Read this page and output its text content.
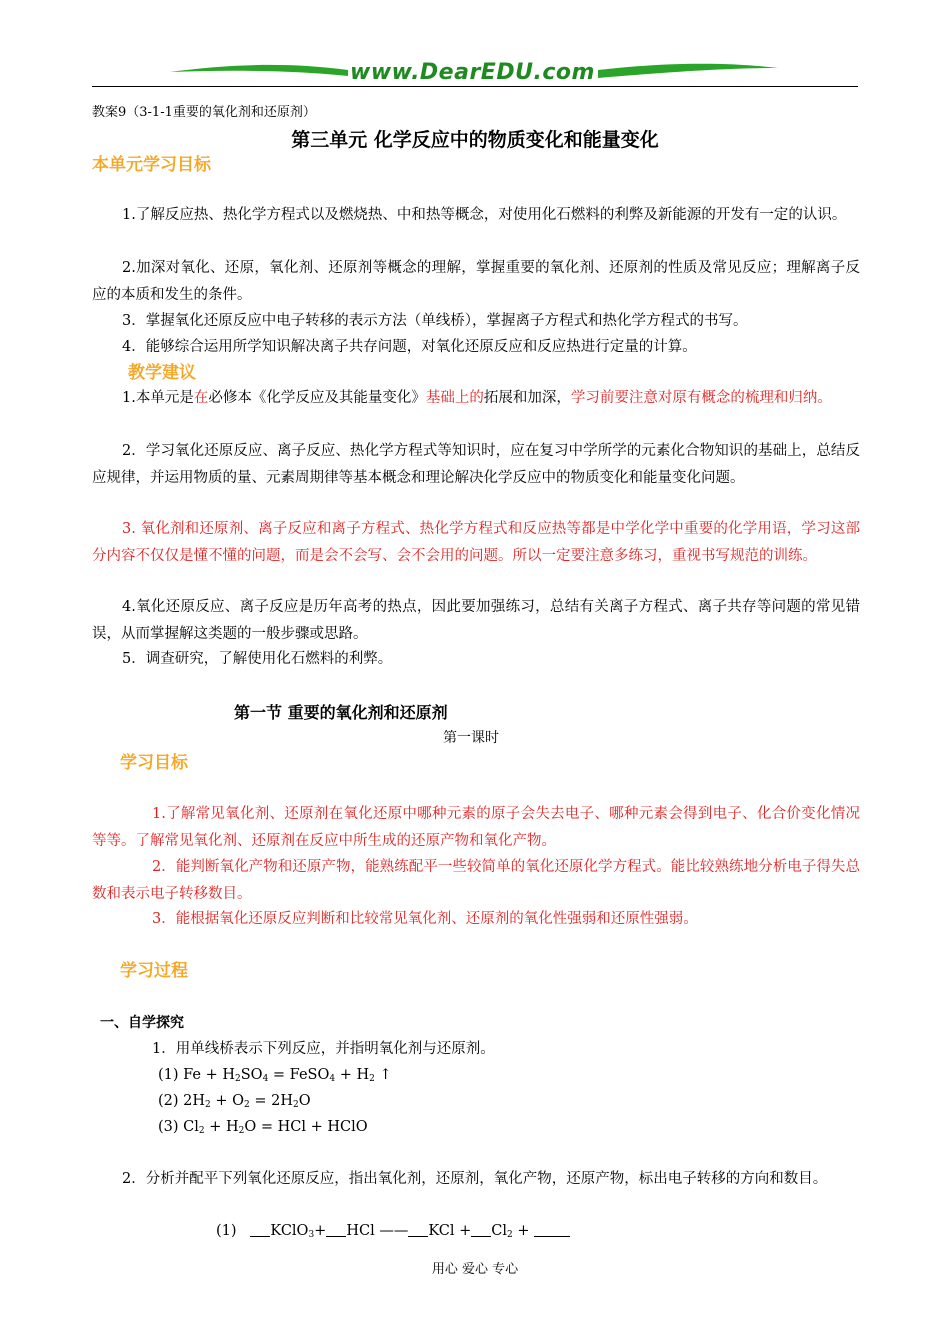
www.DearEDU.com
教案9（3-1-1重要的氧化剂和还原剂）
第三单元 化学反应中的物质变化和能量变化
本单元学习目标
1.了解反应热、热化学方程式以及燃烧热、中和热等概念，对使用化石燃料的利弊及新能源的开发有一定的认识。
2.加深对氧化、还原，氧化剂、还原剂等概念的理解，掌握重要的氧化剂、还原剂的性质及常见反应；理解离子反应的本质和发生的条件。
3．掌握氧化还原反应中电子转移的表示方法（单线桥），掌握离子方程式和热化学方程式的书写。
4．能够综合运用所学知识解决离子共存问题，对氧化还原反应和反应热进行定量的计算。
教学建议
1.本单元是在必修本《化学反应及其能量变化》基础上的拓展和加深，学习前要注意对原有概念的梳理和归纳。
2．学习氧化还原反应、离子反应、热化学方程式等知识时，应在复习中学所学的元素化合物知识的基础上，总结反应规律，并运用物质的量、元素周期律等基本概念和理论解决化学反应中的物质变化和能量变化问题。
3. 氧化剂和还原剂、离子反应和离子方程式、热化学方程式和反应热等都是中学化学中重要的化学用语，学习这部分内容不仅仅是懂不懂的问题，而是会不会写、会不会用的问题。所以一定要注意多练习，重视书写规范的训练。
4.氧化还原反应、离子反应是历年高考的热点，因此要加强练习，总结有关离子方程式、离子共存等问题的常见错误，从而掌握解这类题的一般步骤或思路。
5．调查研究，了解使用化石燃料的利弊。
第一节 重要的氧化剂和还原剂
第一课时
学习目标
1.了解常见氧化剂、还原剂在氧化还原中哪种元素的原子会失去电子、哪种元素会得到电子、化合价变化情况等等。了解常见氧化剂、还原剂在反应中所生成的还原产物和氧化产物。
2．能判断氧化产物和还原产物，能熟练配平一些较简单的氧化还原化学方程式。能比较熟练地分析电子得失总数和表示电子转移数目。
3．能根据氧化还原反应判断和比较常见氧化剂、还原剂的氧化性强弱和还原性强弱。
学习过程
一、自学探究
1．用单线桥表示下列反应，并指明氧化剂与还原剂。
(1) $Fe + H_2SO_4$ = FeSO$_4$ + $H_2$ ↑
(2) $2H_2 + O_2 = 2H_2O$
(3) $Cl_2 + H_2O$ = HCl + HClO
2．分析并配平下列氧化还原反应，指出氧化剂，还原剂，氧化产物，还原产物，标出电子转移的方向和数目。
(1) KClO$_3$+ HCl —— KCl + $Cl_2$ +
用心 爱心 专心
